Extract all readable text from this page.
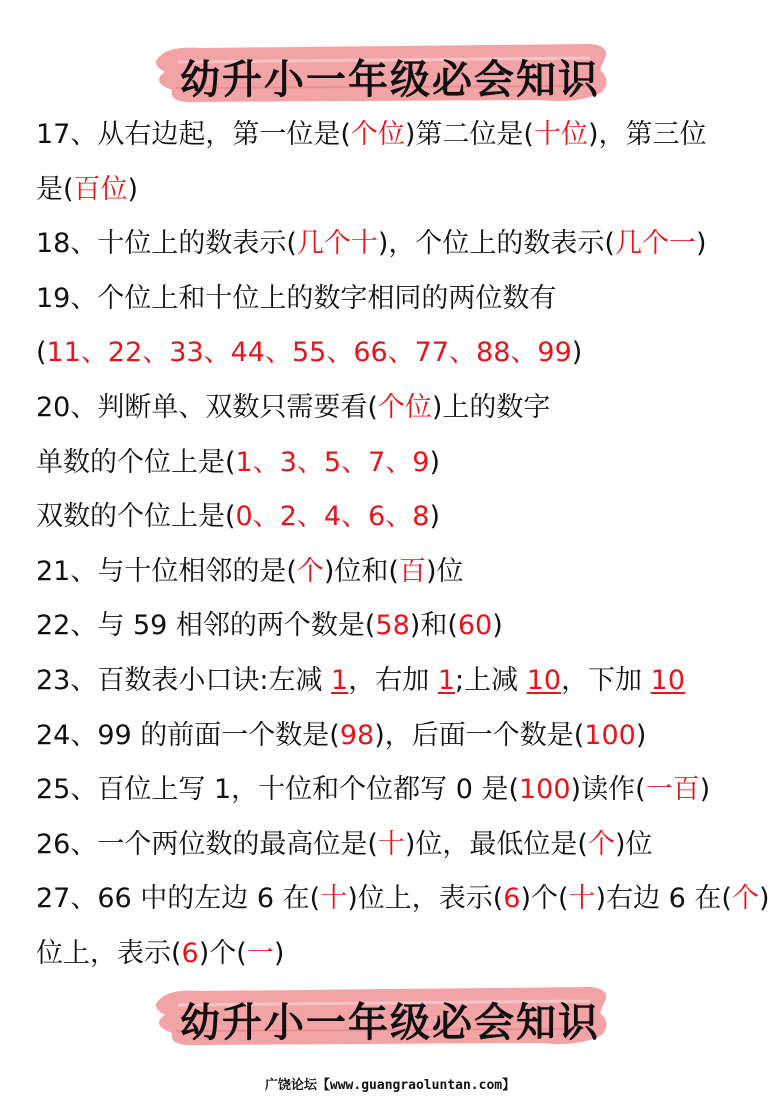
幼升小一年级必会知识
17、从右边起，第一位是(个位)第二位是(十位)，第三位
是(百位)
18、十位上的数表示(几个十)，个位上的数表示(几个一)
19、个位上和十位上的数字相同的两位数有
(11、22、33、44、55、66、77、88、99)
20、判断单、双数只需要看(个位)上的数字
单数的个位上是(1、3、5、7、9)
双数的个位上是(0、2、4、6、8)
21、与十位相邻的是(个)位和(百)位
22、与 59 相邻的两个数是(58)和(60)
23、百数表小口诀:左减 1，右加 1;上减 10，下加 10
24、99 的前面一个数是(98)，后面一个数是(100)
25、百位上写 1，十位和个位都写 0 是(100)读作(一百)
26、一个两位数的最高位是(十)位，最低位是(个)位
27、66 中的左边 6 在(十)位上，表示(6)个(十)右边 6 在(个)
位上，表示(6)个(一)
幼升小一年级必会知识
广饶论坛【www.guangraoluntan.com】
